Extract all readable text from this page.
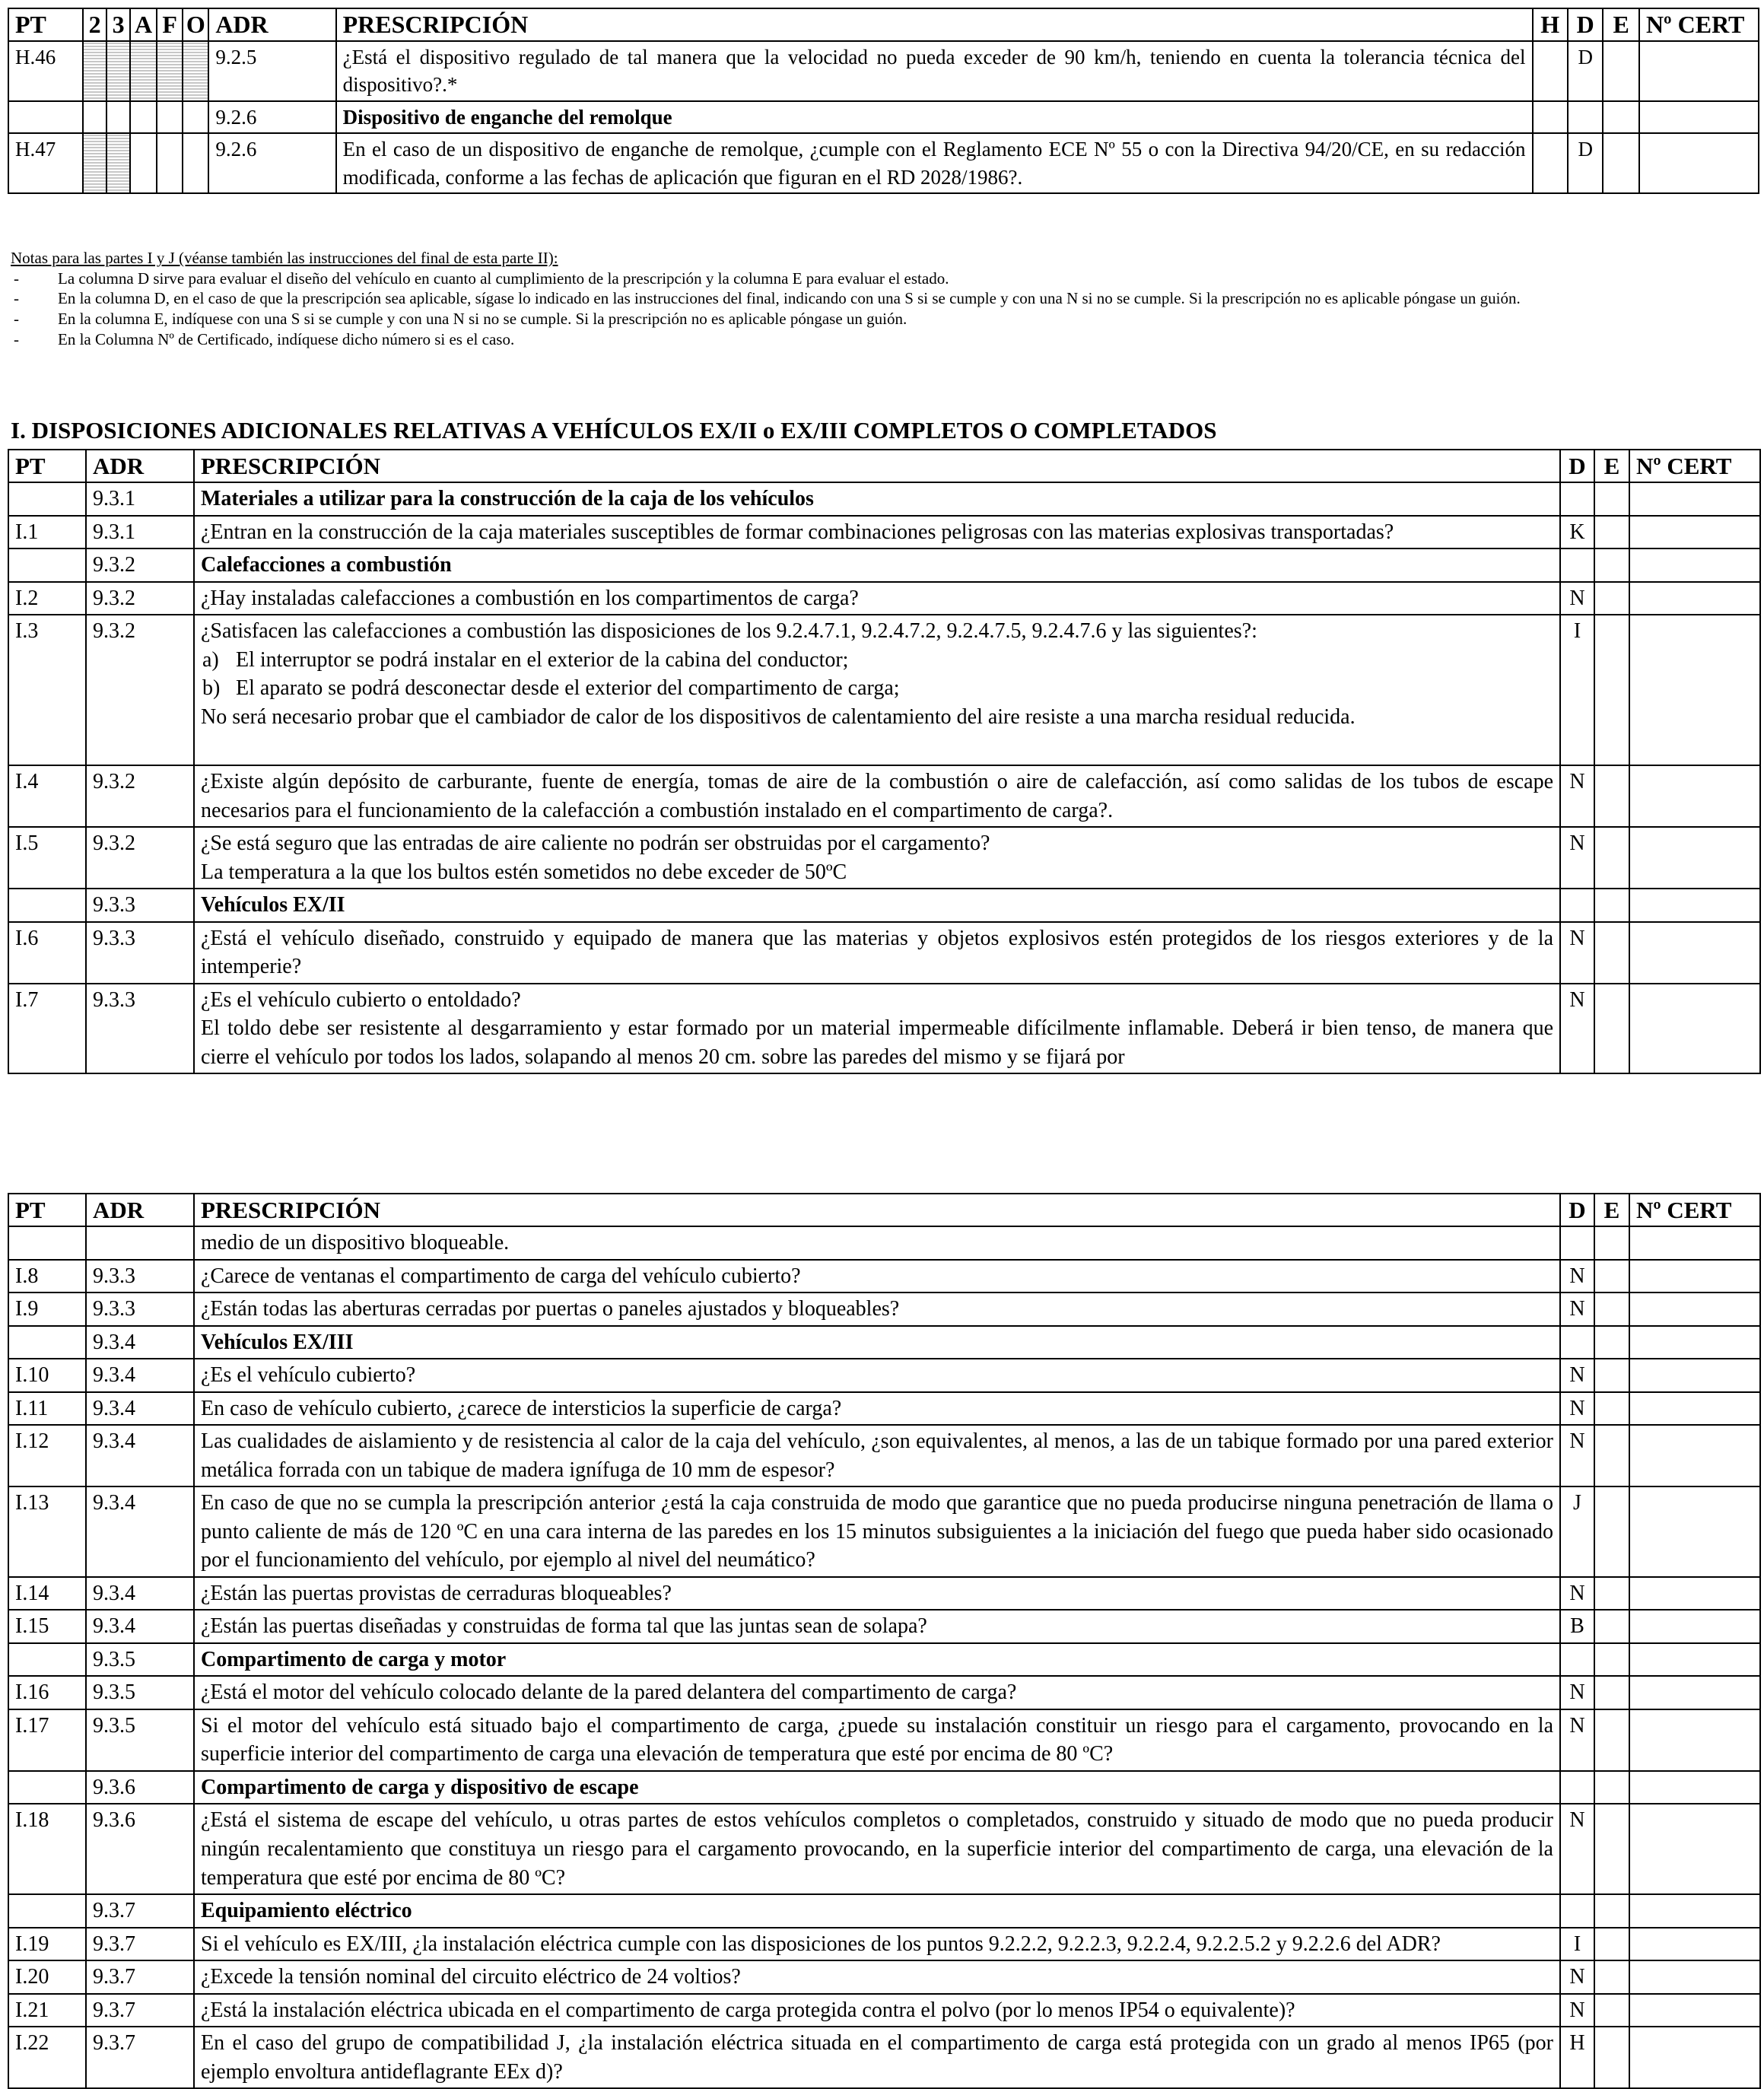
PT	2	3	A	F	O	ADR	PRESCRIPCIÓN	H	D	E	Nº CERT
H.46						9.2.5	¿Está el dispositivo regulado de tal manera que la velocidad no pueda exceder de 90 km/h, teniendo en cuenta la tolerancia técnica del dispositivo?.*		D		
						9.2.6	Dispositivo de enganche del remolque				
H.47						9.2.6	En el caso de un dispositivo de enganche de remolque, ¿cumple con el Reglamento ECE Nº 55 o con la Directiva 94/20/CE, en su redacción modificada, conforme a las fechas de aplicación que figuran en el RD 2028/1986?.		D		
Notas para las partes I y J (véanse también las instrucciones del final de esta parte II):
- La columna D sirve para evaluar el diseño del vehículo en cuanto al cumplimiento de la prescripción y la columna E para evaluar el estado.
- En la columna D, en el caso de que la prescripción sea aplicable, sígase lo indicado en las instrucciones del final, indicando con una S si se cumple y con una N si no se cumple. Si la prescripción no es aplicable póngase un guión.
- En la columna E, indíquese con una S si se cumple y con una N si no se cumple. Si la prescripción no es aplicable póngase un guión.
- En la Columna Nº de Certificado, indíquese dicho número si es el caso.
I. DISPOSICIONES ADICIONALES RELATIVAS A VEHÍCULOS EX/II o EX/III COMPLETOS O COMPLETADOS
PT	ADR	PRESCRIPCIÓN	D	E	Nº CERT
	9.3.1	Materiales a utilizar para la construcción de la caja de los vehículos			
I.1	9.3.1	¿Entran en la construcción de la caja materiales susceptibles de formar combinaciones peligrosas con las materias explosivas transportadas?	K		
	9.3.2	Calefacciones a combustión			
I.2	9.3.2	¿Hay instaladas calefacciones a combustión en los compartimentos de carga?	N		
I.3	9.3.2	¿Satisfacen las calefacciones a combustión las disposiciones de los 9.2.4.7.1, 9.2.4.7.2, 9.2.4.7.5, 9.2.4.7.6 y las siguientes?:
a) El interruptor se podrá instalar en el exterior de la cabina del conductor;
b) El aparato se podrá desconectar desde el exterior del compartimento de carga;
No será necesario probar que el cambiador de calor de los dispositivos de calentamiento del aire resiste a una marcha residual reducida.	I		
I.4	9.3.2	¿Existe algún depósito de carburante, fuente de energía, tomas de aire de la combustión o aire de calefacción, así como salidas de los tubos de escape necesarios para el funcionamiento de la calefacción a combustión instalado en el compartimento de carga?.	N		
I.5	9.3.2	¿Se está seguro que las entradas de aire caliente no podrán ser obstruidas por el cargamento?
La temperatura a la que los bultos estén sometidos no debe exceder de 50ºC	N		
	9.3.3	Vehículos EX/II			
I.6	9.3.3	¿Está el vehículo diseñado, construido y equipado de manera que las materias y objetos explosivos estén protegidos de los riesgos exteriores y de la intemperie?	N		
I.7	9.3.3	¿Es el vehículo cubierto o entoldado?
El toldo debe ser resistente al desgarramiento y estar formado por un material impermeable difícilmente inflamable. Deberá ir bien tenso, de manera que cierre el vehículo por todos los lados, solapando al menos 20 cm. sobre las paredes del mismo y se fijará por	N		
PT	ADR	PRESCRIPCIÓN	D	E	Nº CERT
		medio de un dispositivo bloqueable.			
I.8	9.3.3	¿Carece de ventanas el compartimento de carga del vehículo cubierto?	N		
I.9	9.3.3	¿Están todas las aberturas cerradas por puertas o paneles ajustados y bloqueables?	N		
	9.3.4	Vehículos EX/III			
I.10	9.3.4	¿Es el vehículo cubierto?	N		
I.11	9.3.4	En caso de vehículo cubierto, ¿carece de intersticios la superficie de carga?	N		
I.12	9.3.4	Las cualidades de aislamiento y de resistencia al calor de la caja del vehículo, ¿son equivalentes, al menos, a las de un tabique formado por una pared exterior metálica forrada con un tabique de madera ignífuga de 10 mm de espesor?	N		
I.13	9.3.4	En caso de que no se cumpla la prescripción anterior ¿está la caja construida de modo que garantice que no pueda producirse ninguna penetración de llama o punto caliente de más de 120 ºC en una cara interna de las paredes en los 15 minutos subsiguientes a la iniciación del fuego que pueda haber sido ocasionado por el funcionamiento del vehículo, por ejemplo al nivel del neumático?	J		
I.14	9.3.4	¿Están las puertas provistas de cerraduras bloqueables?	N		
I.15	9.3.4	¿Están las puertas diseñadas y construidas de forma tal que las juntas sean de solapa?	B		
	9.3.5	Compartimento de carga y motor			
I.16	9.3.5	¿Está el motor del vehículo colocado delante de la pared delantera del compartimento de carga?	N		
I.17	9.3.5	Si el motor del vehículo está situado bajo el compartimento de carga, ¿puede su instalación constituir un riesgo para el cargamento, provocando en la superficie interior del compartimento de carga una elevación de temperatura que esté por encima de 80 ºC?	N		
	9.3.6	Compartimento de carga y dispositivo de escape			
I.18	9.3.6	¿Está el sistema de escape del vehículo, u otras partes de estos vehículos completos o completados, construido y situado de modo que no pueda producir ningún recalentamiento que constituya un riesgo para el cargamento provocando, en la superficie interior del compartimento de carga, una elevación de la temperatura que esté por encima de 80 ºC?	N		
	9.3.7	Equipamiento eléctrico			
I.19	9.3.7	Si el vehículo es EX/III, ¿la instalación eléctrica cumple con las disposiciones de los puntos 9.2.2.2, 9.2.2.3, 9.2.2.4, 9.2.2.5.2 y 9.2.2.6 del ADR?	I		
I.20	9.3.7	¿Excede la tensión nominal del circuito eléctrico de 24 voltios?	N		
I.21	9.3.7	¿Está la instalación eléctrica ubicada en el compartimento de carga protegida contra el polvo (por lo menos IP54 o equivalente)?	N		
I.22	9.3.7	En el caso del grupo de compatibilidad J, ¿la instalación eléctrica situada en el compartimento de carga está protegida con un grado al menos IP65 (por ejemplo envoltura antideflagrante EEx d)?	H		
